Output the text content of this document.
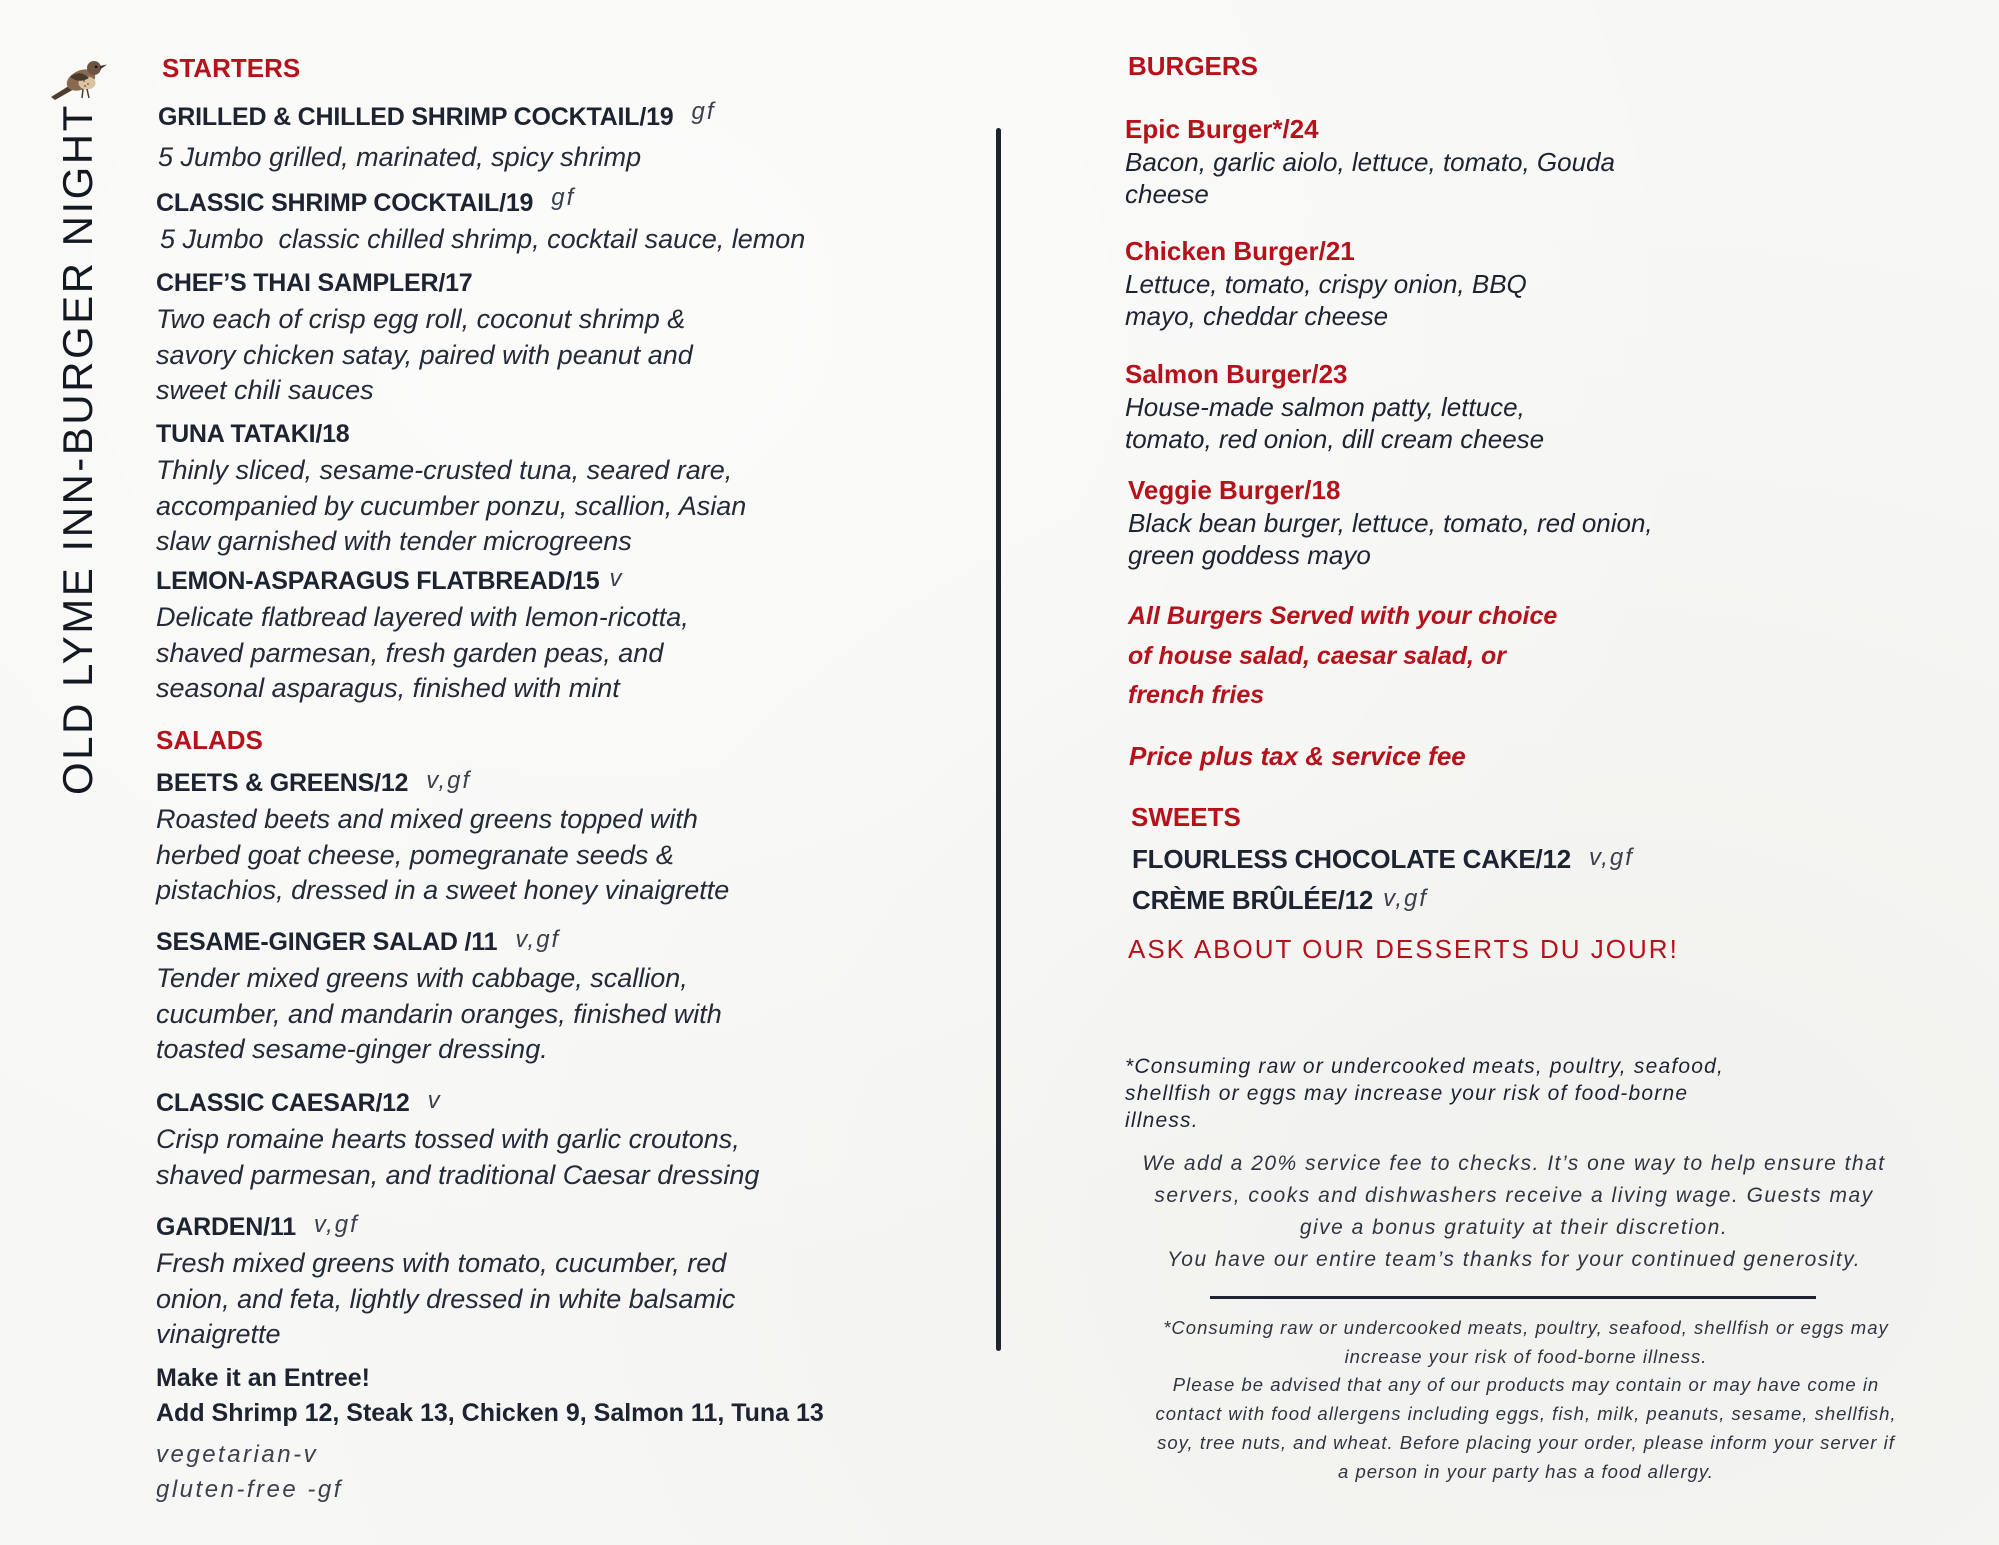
OLD LYME INN-BURGER NIGHT
STARTERS
GRILLED & CHILLED SHRIMP COCKTAIL/19 gf
5 Jumbo grilled, marinated, spicy shrimp
CLASSIC SHRIMP COCKTAIL/19 gf
5 Jumbo  classic chilled shrimp, cocktail sauce, lemon
CHEF’S THAI SAMPLER/17
Two each of crisp egg roll, coconut shrimp &
savory chicken satay, paired with peanut and
sweet chili sauces
TUNA TATAKI/18
Thinly sliced, sesame-crusted tuna, seared rare,
accompanied by cucumber ponzu, scallion, Asian
slaw garnished with tender microgreens
LEMON-ASPARAGUS FLATBREAD/15 v
Delicate flatbread layered with lemon-ricotta,
shaved parmesan, fresh garden peas, and
seasonal asparagus, finished with mint
SALADS
BEETS & GREENS/12 v,gf
Roasted beets and mixed greens topped with
herbed goat cheese, pomegranate seeds &
pistachios, dressed in a sweet honey vinaigrette
SESAME-GINGER SALAD /11 v,gf
Tender mixed greens with cabbage, scallion,
cucumber, and mandarin oranges, finished with
toasted sesame-ginger dressing.
CLASSIC CAESAR/12 v
Crisp romaine hearts tossed with garlic croutons,
shaved parmesan, and traditional Caesar dressing
GARDEN/11 v,gf
Fresh mixed greens with tomato, cucumber, red
onion, and feta, lightly dressed in white balsamic
vinaigrette
Make it an Entree!
Add Shrimp 12, Steak 13, Chicken 9, Salmon 11, Tuna 13
vegetarian-v
gluten-free -gf
BURGERS
Epic Burger*/24
Bacon, garlic aiolo, lettuce, tomato, Gouda
cheese
Chicken Burger/21
Lettuce, tomato, crispy onion, BBQ
mayo, cheddar cheese
Salmon Burger/23
House-made salmon patty, lettuce,
tomato, red onion, dill cream cheese
Veggie Burger/18
Black bean burger, lettuce, tomato, red onion,
green goddess mayo
All Burgers Served with your choice
of house salad, caesar salad, or
french fries
Price plus tax & service fee
SWEETS
FLOURLESS CHOCOLATE CAKE/12 v,gf
CRÈME BRÛLÉE/12 v,gf
ASK ABOUT OUR DESSERTS DU JOUR!
*Consuming raw or undercooked meats, poultry, seafood,
shellfish or eggs may increase your risk of food-borne
illness.
We add a 20% service fee to checks. It’s one way to help ensure that
servers, cooks and dishwashers receive a living wage. Guests may
give a bonus gratuity at their discretion.
You have our entire team’s thanks for your continued generosity.
*Consuming raw or undercooked meats, poultry, seafood, shellfish or eggs may
increase your risk of food-borne illness.
Please be advised that any of our products may contain or may have come in
contact with food allergens including eggs, fish, milk, peanuts, sesame, shellfish,
soy, tree nuts, and wheat. Before placing your order, please inform your server if
a person in your party has a food allergy.
